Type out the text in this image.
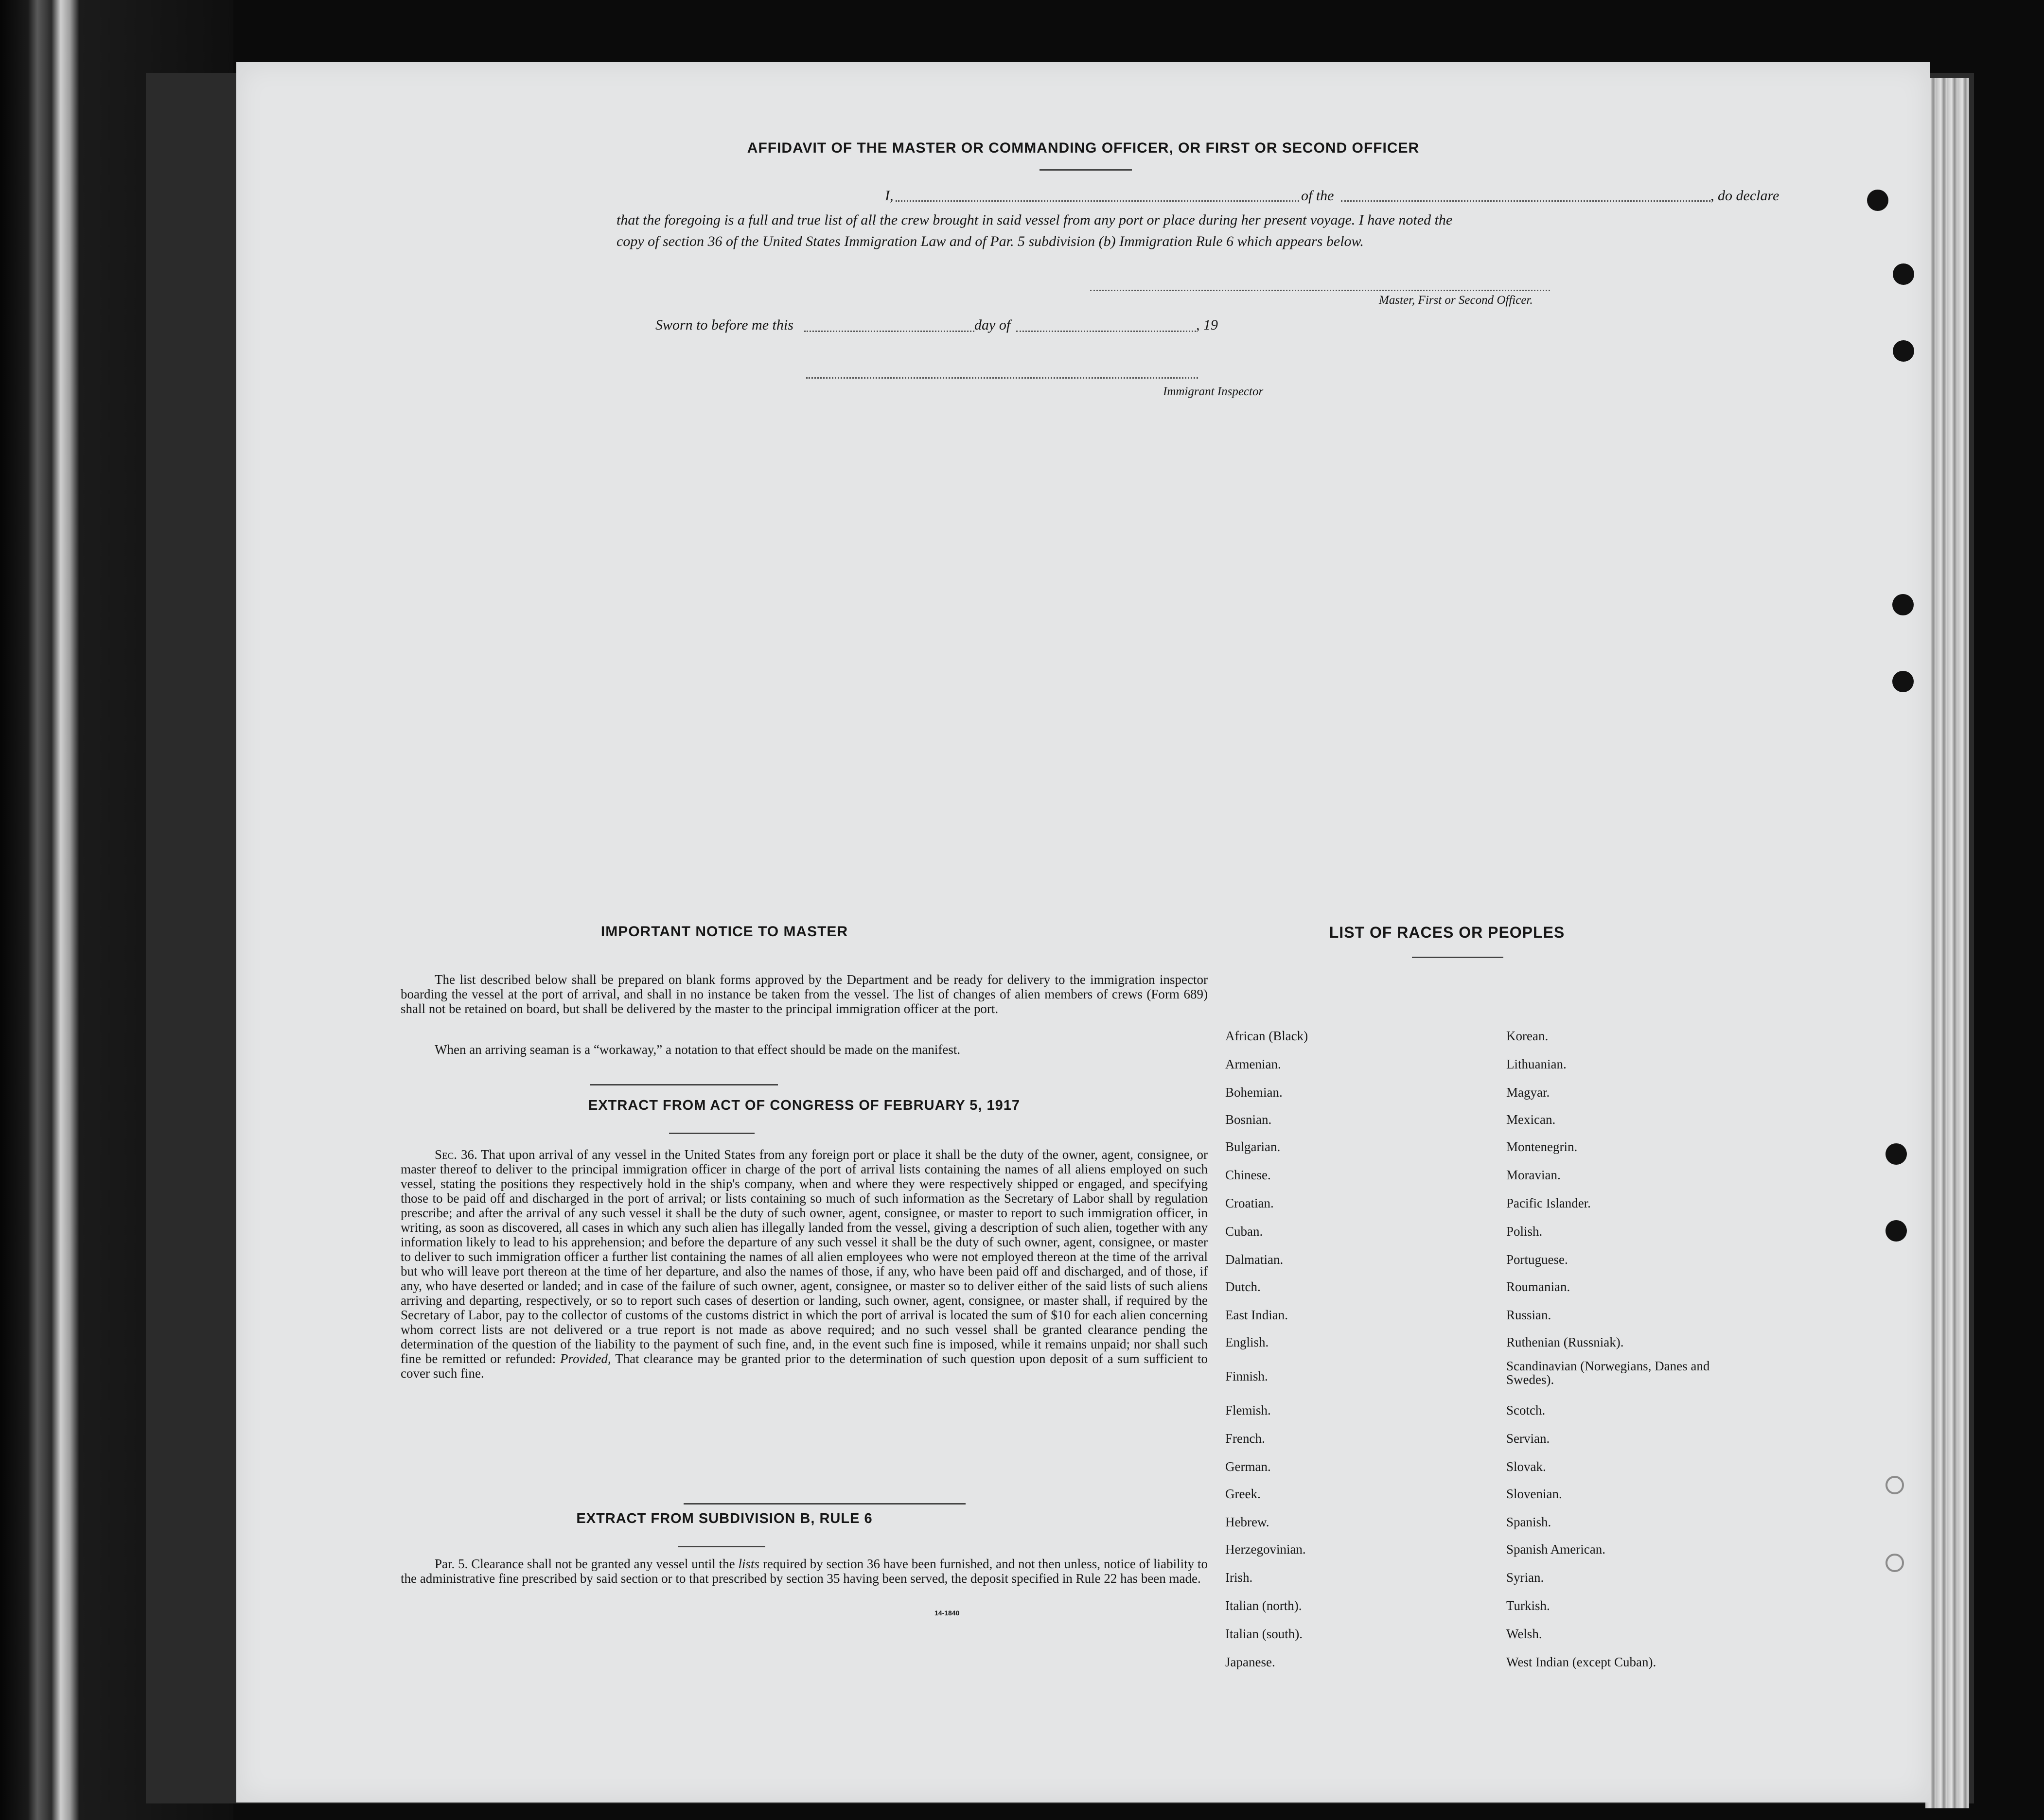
AFFIDAVIT OF THE MASTER OR COMMANDING OFFICER, OR FIRST OR SECOND OFFICER
I,	of the	, do declare
that the foregoing is a full and true list of all the crew brought in said vessel from any port or place during her present voyage. I have noted the
copy of section 36 of the United States Immigration Law and of Par. 5 subdivision (b) Immigration Rule 6 which appears below.
Master, First or Second Officer.
Sworn to before me this	day of	, 19
Immigrant Inspector
IMPORTANT NOTICE TO MASTER
The list described below shall be prepared on blank forms approved by the Department and be ready for delivery to the immigration inspector boarding the vessel at the port of arrival, and shall in no instance be taken from the vessel. The list of changes of alien members of crews (Form 689) shall not be retained on board, but shall be delivered by the master to the principal immigration officer at the port.
When an arriving seaman is a “workaway,” a notation to that effect should be made on the manifest.
EXTRACT FROM ACT OF CONGRESS OF FEBRUARY 5, 1917
Sec. 36. That upon arrival of any vessel in the United States from any foreign port or place it shall be the duty of the owner, agent, consignee, or master thereof to deliver to the principal immigration officer in charge of the port of arrival lists containing the names of all aliens employed on such vessel, stating the positions they respectively hold in the ship's company, when and where they were respectively shipped or engaged, and specifying those to be paid off and discharged in the port of arrival; or lists containing so much of such information as the Secretary of Labor shall by regulation prescribe; and after the arrival of any such vessel it shall be the duty of such owner, agent, consignee, or master to report to such immigration officer, in writing, as soon as discovered, all cases in which any such alien has illegally landed from the vessel, giving a description of such alien, together with any information likely to lead to his apprehension; and before the departure of any such vessel it shall be the duty of such owner, agent, consignee, or master to deliver to such immigration officer a further list containing the names of all alien employees who were not employed thereon at the time of the arrival but who will leave port thereon at the time of her departure, and also the names of those, if any, who have been paid off and discharged, and of those, if any, who have deserted or landed; and in case of the failure of such owner, agent, consignee, or master so to deliver either of the said lists of such aliens arriving and departing, respectively, or so to report such cases of desertion or landing, such owner, agent, consignee, or master shall, if required by the Secretary of Labor, pay to the collector of customs of the customs district in which the port of arrival is located the sum of $10 for each alien concerning whom correct lists are not delivered or a true report is not made as above required; and no such vessel shall be granted clearance pending the determination of the question of the liability to the payment of such fine, and, in the event such fine is imposed, while it remains unpaid; nor shall such fine be remitted or refunded: Provided, That clearance may be granted prior to the determination of such question upon deposit of a sum sufficient to cover such fine.
EXTRACT FROM SUBDIVISION B, RULE 6
Par. 5. Clearance shall not be granted any vessel until the lists required by section 36 have been furnished, and not then unless, notice of liability to the administrative fine prescribed by said section or to that prescribed by section 35 having been served, the deposit specified in Rule 22 has been made.
14-1840
LIST OF RACES OR PEOPLES
African (Black)
Armenian.
Bohemian.
Bosnian.
Bulgarian.
Chinese.
Croatian.
Cuban.
Dalmatian.
Dutch.
East Indian.
English.
Finnish.
Flemish.
French.
German.
Greek.
Hebrew.
Herzegovinian.
Irish.
Italian (north).
Italian (south).
Japanese.
Korean.
Lithuanian.
Magyar.
Mexican.
Montenegrin.
Moravian.
Pacific Islander.
Polish.
Portuguese.
Roumanian.
Russian.
Ruthenian (Russniak).
Scandinavian (Norwegians, Danes and Swedes).
Scotch.
Servian.
Slovak.
Slovenian.
Spanish.
Spanish American.
Syrian.
Turkish.
Welsh.
West Indian (except Cuban).
